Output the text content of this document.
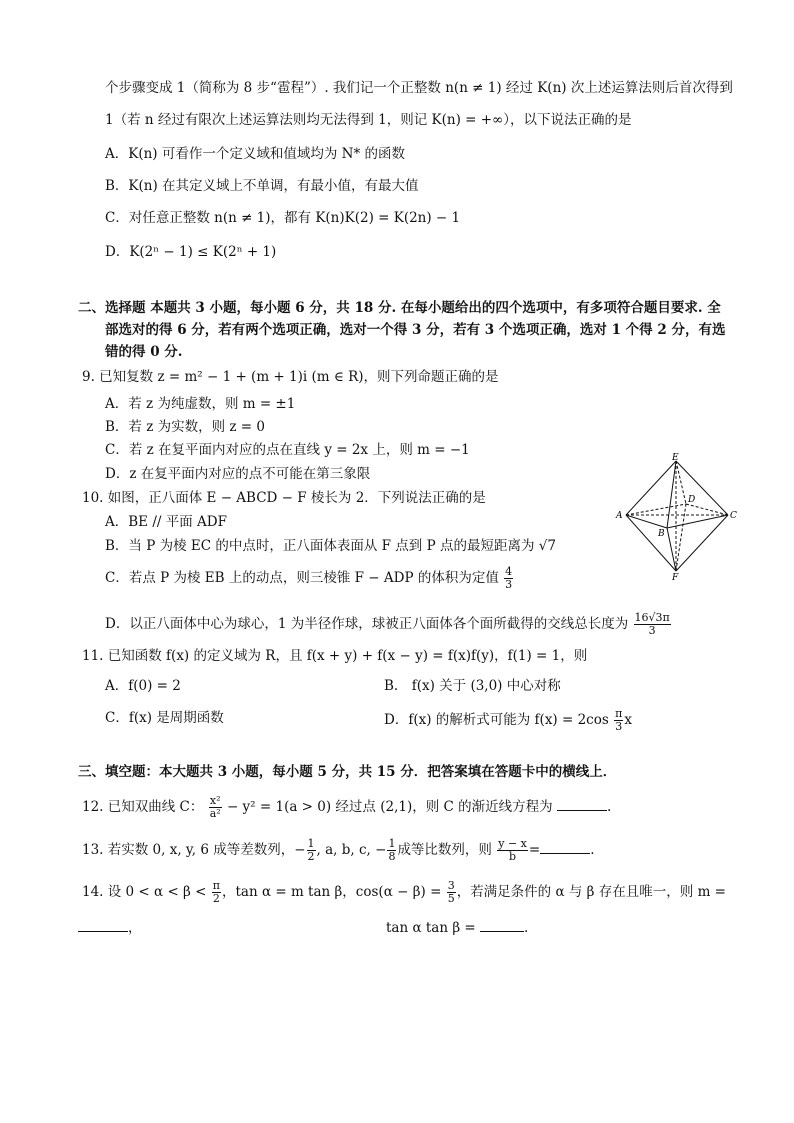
个步骤变成 1（简称为 8 步“雹程”）. 我们记一个正整数 n(n ≠ 1) 经过 K(n) 次上述运算法则后首次得到
1（若 n 经过有限次上述运算法则均无法得到 1，则记 K(n) = +∞），以下说法正确的是
A．K(n) 可看作一个定义域和值域均为 N* 的函数
B．K(n) 在其定义域上不单调，有最小值，有最大值
C．对任意正整数 n(n ≠ 1)，都有 K(n)K(2) = K(2n) − 1
D．K(2ⁿ − 1) ≤ K(2ⁿ + 1)
二、选择题 本题共 3 小题，每小题 6 分，共 18 分. 在每小题给出的四个选项中，有多项符合题目要求. 全
部选对的得 6 分，若有两个选项正确，选对一个得 3 分，若有 3 个选项正确，选对 1 个得 2 分，有选
错的得 0 分.
9. 已知复数 z = m² − 1 + (m + 1)i (m ∈ R)，则下列命题正确的是
A．若 z 为纯虚数，则 m = ±1
B．若 z 为实数，则 z = 0
C．若 z 在复平面内对应的点在直线 y = 2x 上，则 m = −1
D．z 在复平面内对应的点不可能在第三象限
10. 如图，正八面体 E − ABCD − F 棱长为 2．下列说法正确的是
A．BE // 平面 ADF
B．当 P 为棱 EC 的中点时，正八面体表面从 F 点到 P 点的最短距离为 √7
C．若点 P 为棱 EB 上的动点，则三棱锥 F − ADP 的体积为定值 $\frac{4}{3}$
D．以正八面体中心为球心，1 为半径作球，球被正八面体各个面所截得的交线总长度为 $\frac{16√3\pi}{3}$
E
A
B
C
D
F
11. 已知函数 f(x) 的定义域为 R，且 f(x + y) + f(x − y) = f(x)f(y)，f(1) = 1，则
A．f(0) = 2	B.　f(x) 关于 (3,0) 中心对称
C．f(x) 是周期函数	D．f(x) 的解析式可能为 $f(x) = 2\cos \frac{\pi}{3}$ x
三、填空题：本大题共 3 小题，每小题 5 分，共 15 分．把答案填在答题卡中的横线上．
12. 已知双曲线 C： $\frac{\text{x²}}{\text{a²}} - y^2 = 1(a > 0)$ 经过点 (2,1)，则 C 的渐近线方程为	.
13. 若实数 0, x, y, 6 成等差数列，− $\frac{1}{2}$ , a, b, c, − $\frac{1}{8}$ 成等比数列，则 $\frac{y - x}{b}$ =	.
14. 设 $0 < \alpha < \beta < \frac{\pi}{2}$ ，tan α = m tan β，$\cos(\alpha - \beta) = \frac{3}{5}$ ，若满足条件的 α 与 β 存在且唯一，则 m =
，	tan α tan β =	.
